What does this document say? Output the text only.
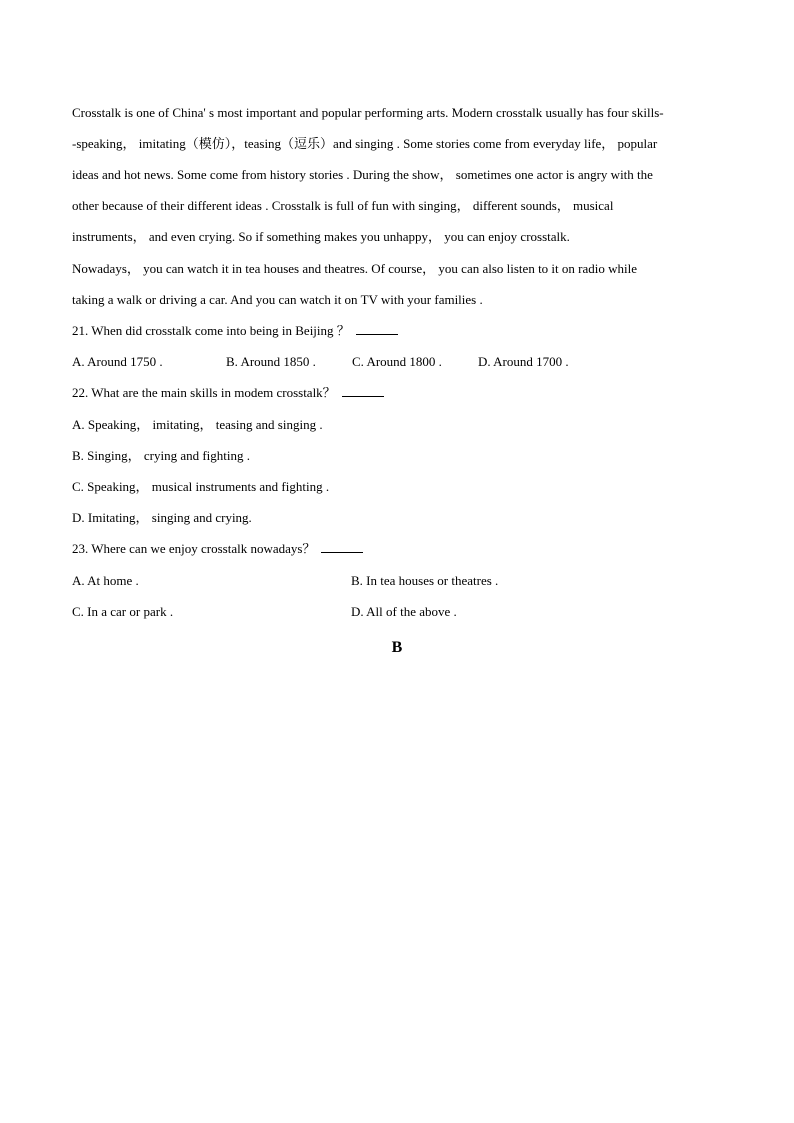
Crosstalk is one of China' s most important and popular performing arts. Modern crosstalk usually has four skills-
-speaking， imitating（模仿），teasing（逗乐）and singing . Some stories come from everyday life， popular
ideas and hot news. Some come from history stories . During the show， sometimes one actor is angry with the
other because of their different ideas . Crosstalk is full of fun with singing， different sounds， musical
instruments， and even crying. So if something makes you unhappy， you can enjoy crosstalk.
Nowadays， you can watch it in tea houses and theatres. Of course， you can also listen to it on radio while
taking a walk or driving a car. And you can watch it on TV with your families .
21. When did crosstalk come into being in Beijing ？
A. Around 1750 .	B. Around 1850 .	C. Around 1800 .	D. Around 1700 .
22. What are the main skills in modem crosstalk？
A. Speaking， imitating， teasing and singing .
B. Singing， crying and fighting .
C. Speaking， musical instruments and fighting .
D. Imitating， singing and crying.
23. Where can we enjoy crosstalk nowadays？
A. At home .	B. In tea houses or theatres .
C. In a car or park .	D. All of the above .
B
